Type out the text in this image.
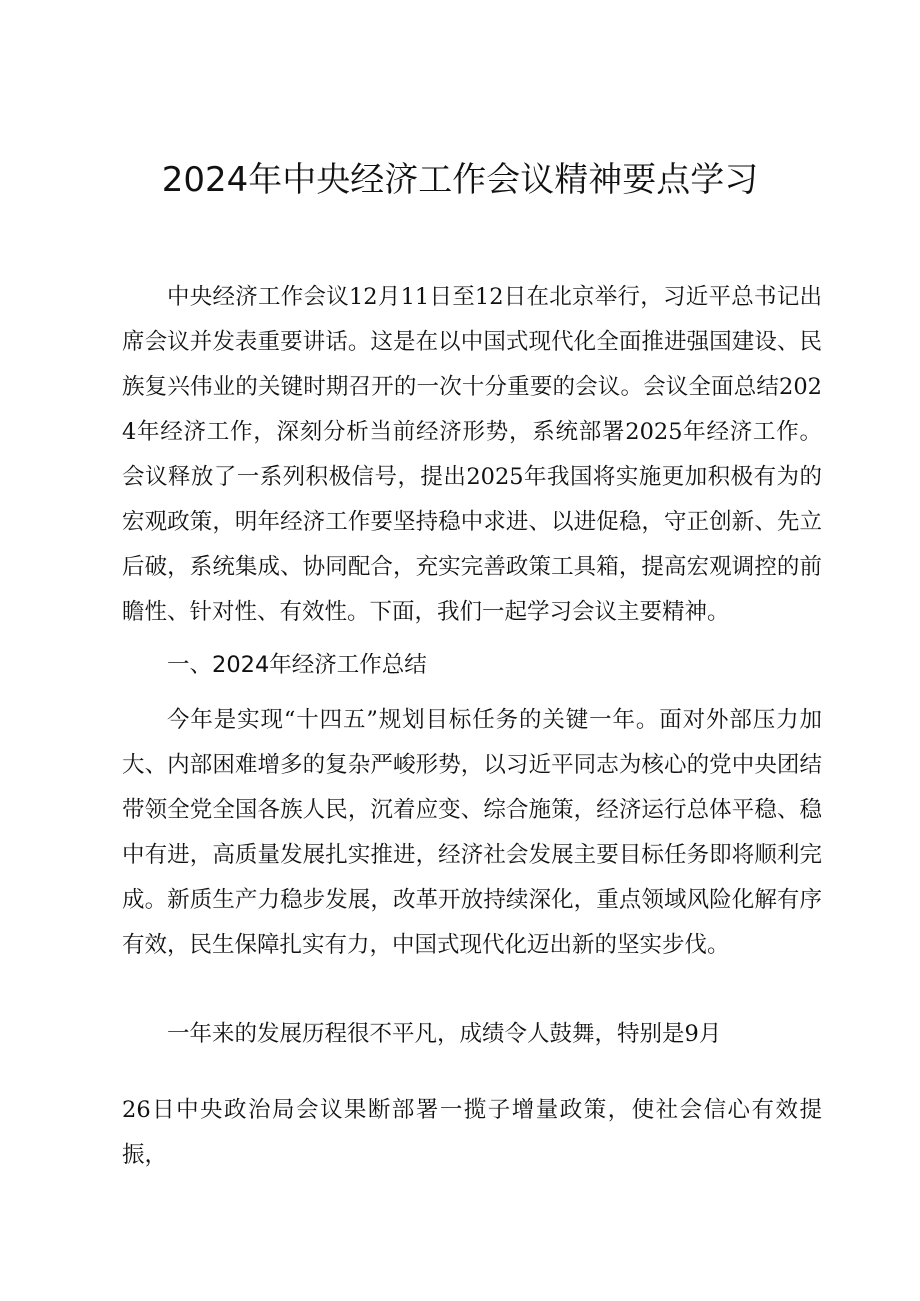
2024年中央经济工作会议精神要点学习

中央经济工作会议12月11日至12日在北京举行，习近平总书记出席会议并发表重要讲话。这是在以中国式现代化全面推进强国建设、民族复兴伟业的关键时期召开的一次十分重要的会议。会议全面总结2024年经济工作，深刻分析当前经济形势，系统部署2025年经济工作。会议释放了一系列积极信号，提出2025年我国将实施更加积极有为的宏观政策，明年经济工作要坚持稳中求进、以进促稳，守正创新、先立后破，系统集成、协同配合，充实完善政策工具箱，提高宏观调控的前瞻性、针对性、有效性。下面，我们一起学习会议主要精神。

一、2024年经济工作总结

今年是实现“十四五”规划目标任务的关键一年。面对外部压力加大、内部困难增多的复杂严峻形势，以习近平同志为核心的党中央团结带领全党全国各族人民，沉着应变、综合施策，经济运行总体平稳、稳中有进，高质量发展扎实推进，经济社会发展主要目标任务即将顺利完成。新质生产力稳步发展，改革开放持续深化，重点领域风险化解有序有效，民生保障扎实有力，中国式现代化迈出新的坚实步伐。

一年来的发展历程很不平凡，成绩令人鼓舞，特别是9月

26日中央政治局会议果断部署一揽子增量政策，使社会信心有效提振，
